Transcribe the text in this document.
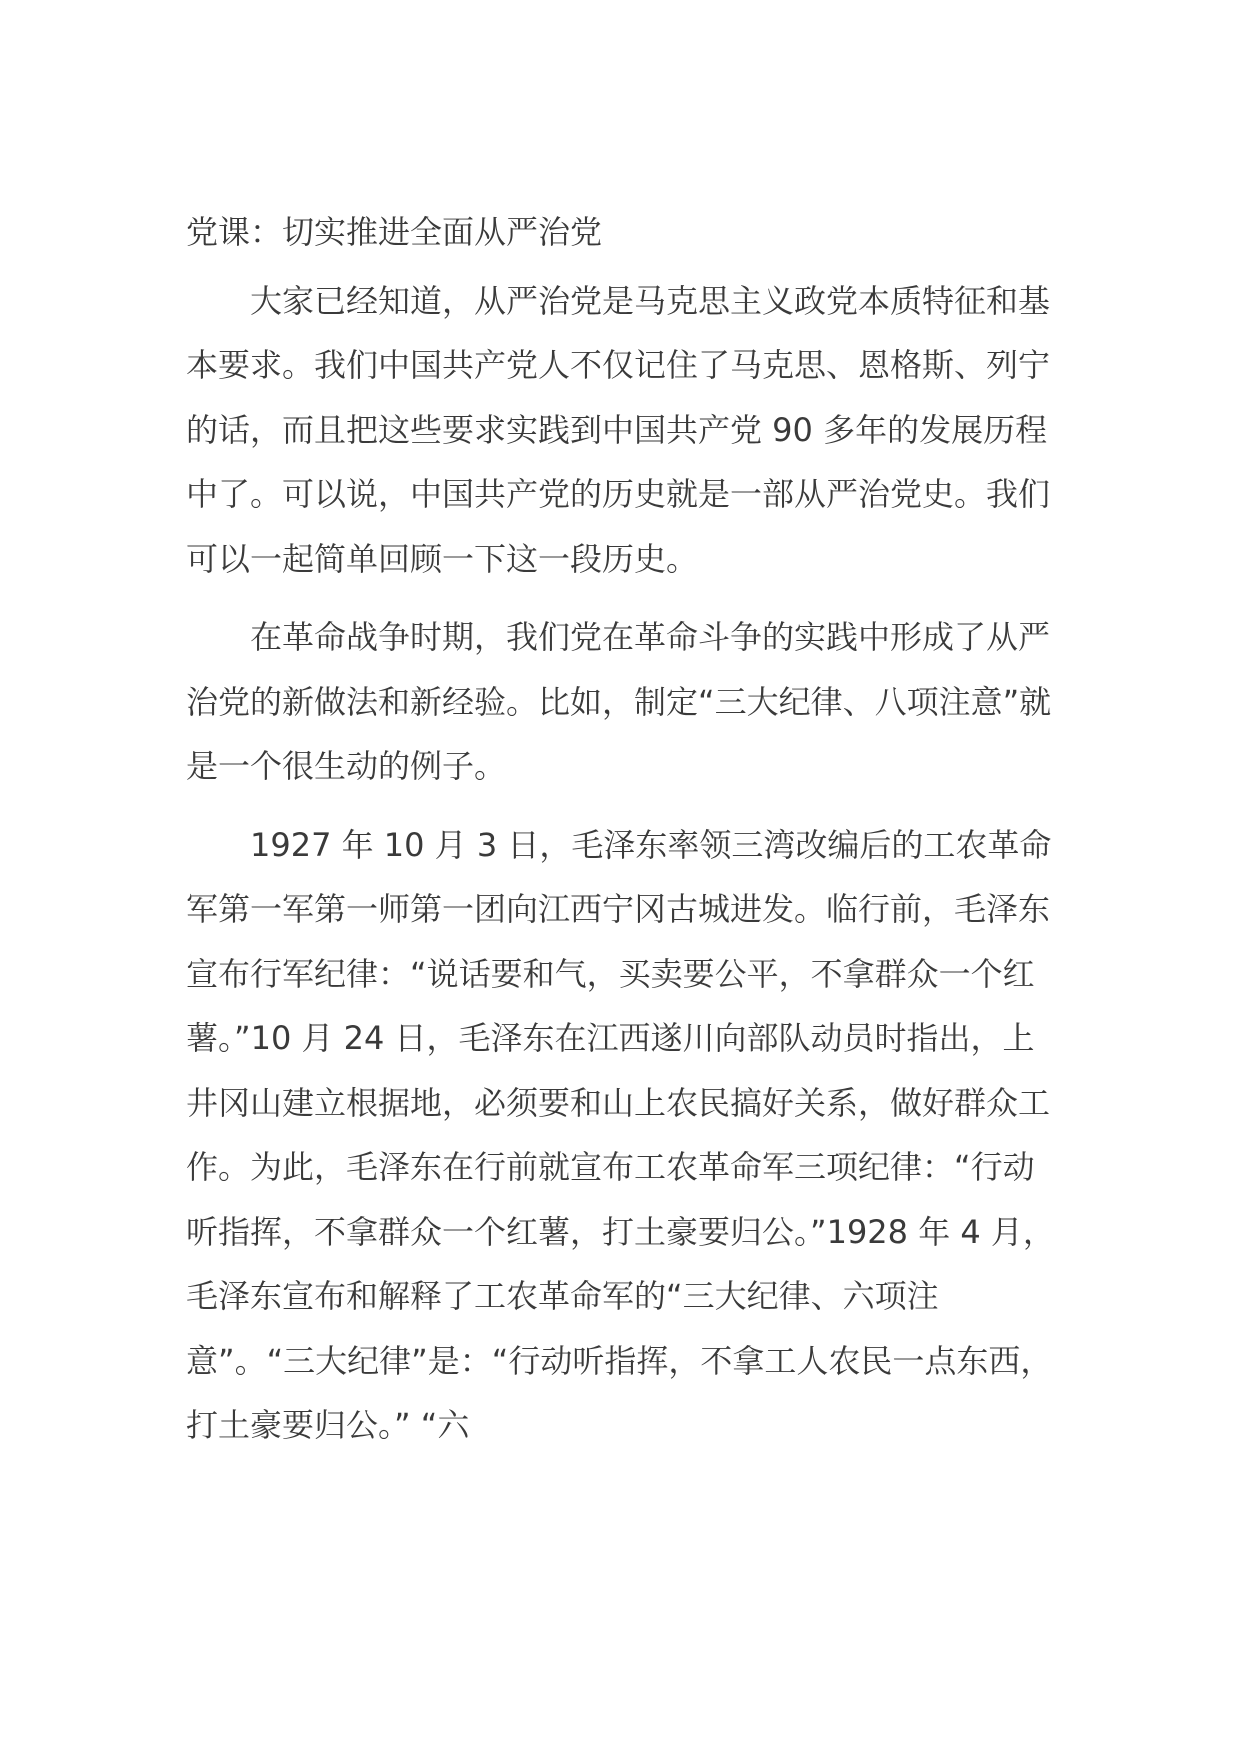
党课：切实推进全面从严治党

大家已经知道，从严治党是马克思主义政党本质特征和基本要求。我们中国共产党人不仅记住了马克思、恩格斯、列宁的话，而且把这些要求实践到中国共产党 90 多年的发展历程中了。可以说，中国共产党的历史就是一部从严治党史。我们可以一起简单回顾一下这一段历史。

在革命战争时期，我们党在革命斗争的实践中形成了从严治党的新做法和新经验。比如，制定“三大纪律、八项注意”就是一个很生动的例子。

1927 年 10 月 3 日，毛泽东率领三湾改编后的工农革命军第一军第一师第一团向江西宁冈古城进发。临行前，毛泽东宣布行军纪律：“说话要和气，买卖要公平，不拿群众一个红薯。”10 月 24 日，毛泽东在江西遂川向部队动员时指出，上井冈山建立根据地，必须要和山上农民搞好关系，做好群众工作。为此，毛泽东在行前就宣布工农革命军三项纪律：“行动听指挥，不拿群众一个红薯，打土豪要归公。”1928 年 4 月，毛泽东宣布和解释了工农革命军的“三大纪律、六项注意”。“三大纪律”是：“行动听指挥，不拿工人农民一点东西，打土豪要归公。” “六
